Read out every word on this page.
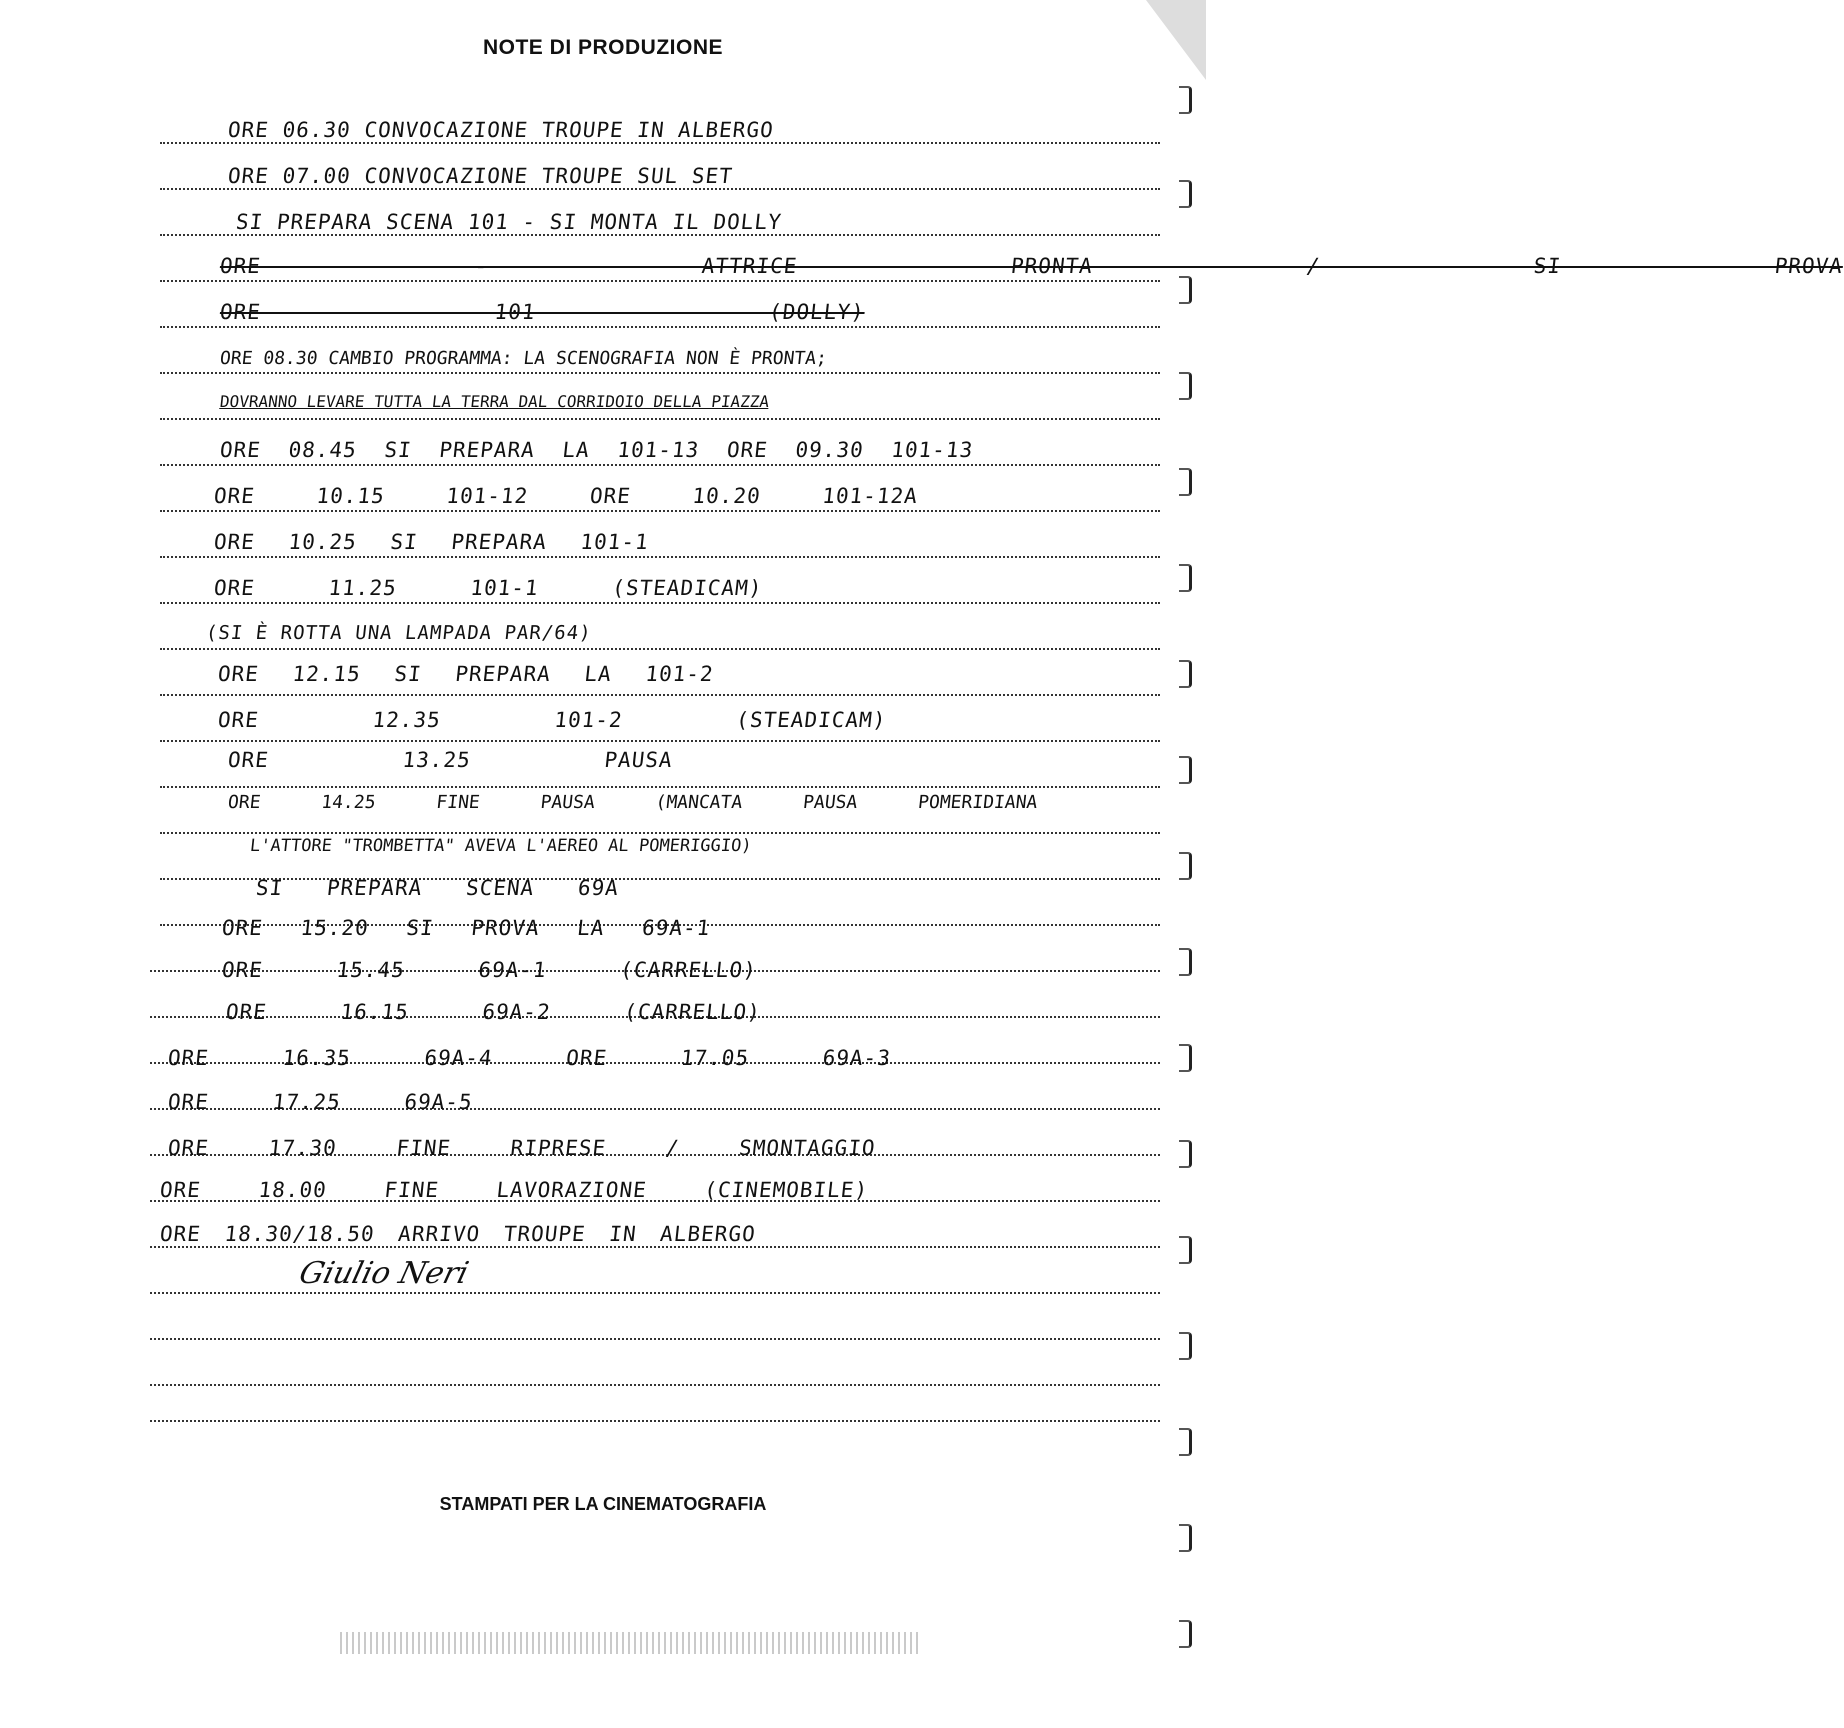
NOTE DI PRODUZIONE
ORE 06.30 CONVOCAZIONE TROUPE IN ALBERGO
ORE 07.00 CONVOCAZIONE TROUPE SUL SET
SI PREPARA SCENA 101 - SI MONTA IL DOLLY
ORE - ATTRICE PRONTA / SI PROVA
ORE 101 (DOLLY)
ORE 08.30 CAMBIO PROGRAMMA: LA SCENOGRAFIA NON È PRONTA;
DOVRANNO LEVARE TUTTA LA TERRA DAL CORRIDOIO DELLA PIAZZA
ORE 08.45 SI PREPARA LA 101-13 ORE 09.30 101-13
ORE 10.15 101-12 ORE 10.20 101-12A
ORE 10.25 SI PREPARA 101-1
ORE 11.25 101-1 (STEADICAM)
(SI È ROTTA UNA LAMPADA PAR/64)
ORE 12.15 SI PREPARA LA 101-2
ORE 12.35 101-2 (STEADICAM)
ORE 13.25 PAUSA
ORE 14.25 FINE PAUSA (MANCATA PAUSA POMERIDIANA
L'ATTORE "TROMBETTA" AVEVA L'AEREO AL POMERIGGIO)
SI PREPARA SCENA 69A
ORE 15.20 SI PROVA LA 69A-1
ORE 15.45 69A-1 (CARRELLO)
ORE 16.15 69A-2 (CARRELLO)
ORE 16.35 69A-4 ORE 17.05 69A-3
ORE 17.25 69A-5
ORE 17.30 FINE RIPRESE / SMONTAGGIO
ORE 18.00 FINE LAVORAZIONE (CINEMOBILE)
ORE 18.30/18.50 ARRIVO TROUPE IN ALBERGO
Giulio Neri
STAMPATI PER LA CINEMATOGRAFIA
